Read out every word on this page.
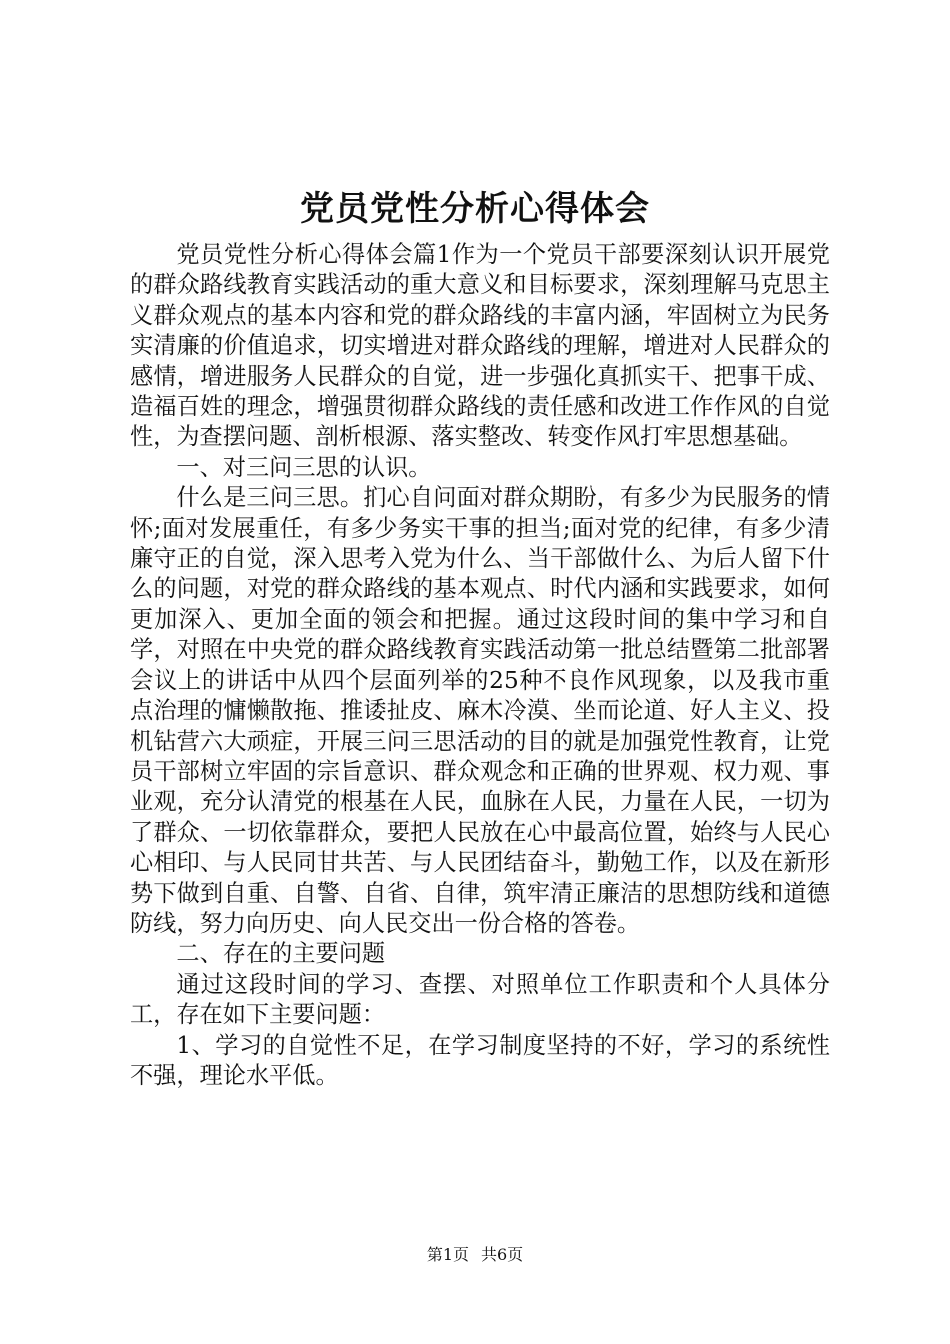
党员党性分析心得体会

党员党性分析心得体会篇1作为一个党员干部要深刻认识开展党的群众路线教育实践活动的重大意义和目标要求，深刻理解马克思主义群众观点的基本内容和党的群众路线的丰富内涵，牢固树立为民务实清廉的价值追求，切实增进对群众路线的理解，增进对人民群众的感情，增进服务人民群众的自觉，进一步强化真抓实干、把事干成、造福百姓的理念，增强贯彻群众路线的责任感和改进工作作风的自觉性，为查摆问题、剖析根源、落实整改、转变作风打牢思想基础。

一、对三问三思的认识。

什么是三问三思。扪心自问面对群众期盼，有多少为民服务的情怀;面对发展重任，有多少务实干事的担当;面对党的纪律，有多少清廉守正的自觉，深入思考入党为什么、当干部做什么、为后人留下什么的问题，对党的群众路线的基本观点、时代内涵和实践要求，如何更加深入、更加全面的领会和把握。通过这段时间的集中学习和自学，对照在中央党的群众路线教育实践活动第一批总结暨第二批部署会议上的讲话中从四个层面列举的25种不良作风现象，以及我市重点治理的慵懒散拖、推诿扯皮、麻木冷漠、坐而论道、好人主义、投机钻营六大顽症，开展三问三思活动的目的就是加强党性教育，让党员干部树立牢固的宗旨意识、群众观念和正确的世界观、权力观、事业观，充分认清党的根基在人民，血脉在人民，力量在人民，一切为了群众、一切依靠群众，要把人民放在心中最高位置，始终与人民心心相印、与人民同甘共苦、与人民团结奋斗，勤勉工作，以及在新形势下做到自重、自警、自省、自律，筑牢清正廉洁的思想防线和道德防线，努力向历史、向人民交出一份合格的答卷。

二、存在的主要问题

通过这段时间的学习、查摆、对照单位工作职责和个人具体分工，存在如下主要问题：

1、学习的自觉性不足，在学习制度坚持的不好，学习的系统性不强，理论水平低。

第1页 共6页
